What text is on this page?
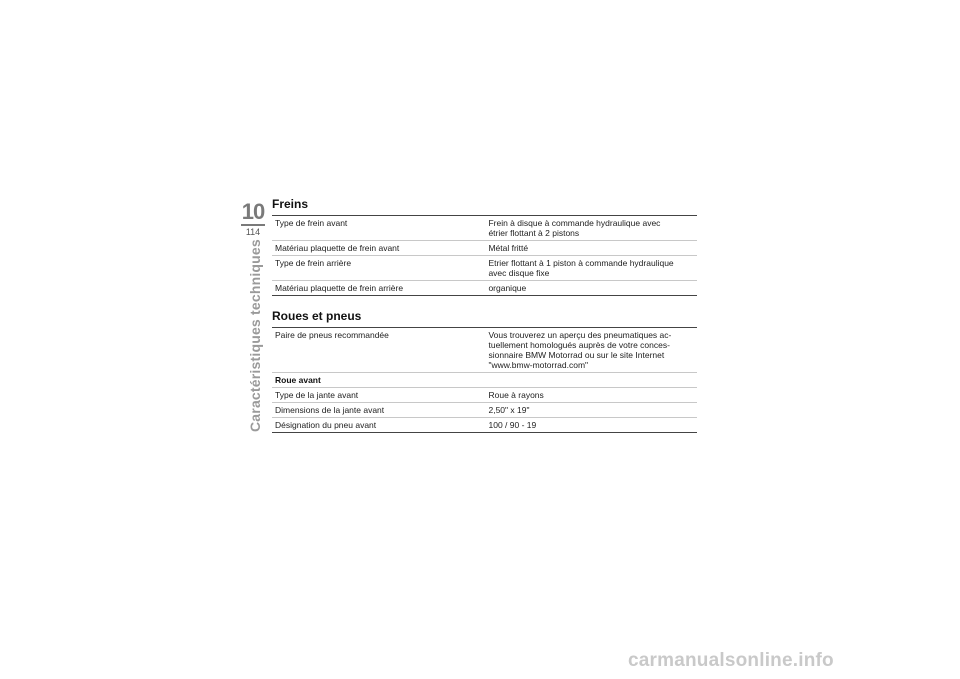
10
114
Caractéristiques techniques
Freins
Type de frein avant	Frein à disque à commande hydraulique avec
étrier flottant à 2 pistons
Matériau plaquette de frein avant	Métal fritté
Type de frein arrière	Etrier flottant à 1 piston à commande hydraulique
avec disque fixe
Matériau plaquette de frein arrière	organique
Roues et pneus
Paire de pneus recommandée	Vous trouverez un aperçu des pneumatiques ac-
tuellement homologués auprès de votre conces-
sionnaire BMW Motorrad ou sur le site Internet
"www.bmw-motorrad.com"
Roue avant	
Type de la jante avant	Roue à rayons
Dimensions de la jante avant	2,50" x 19"
Désignation du pneu avant	100 / 90 - 19
carmanualsonline.info
